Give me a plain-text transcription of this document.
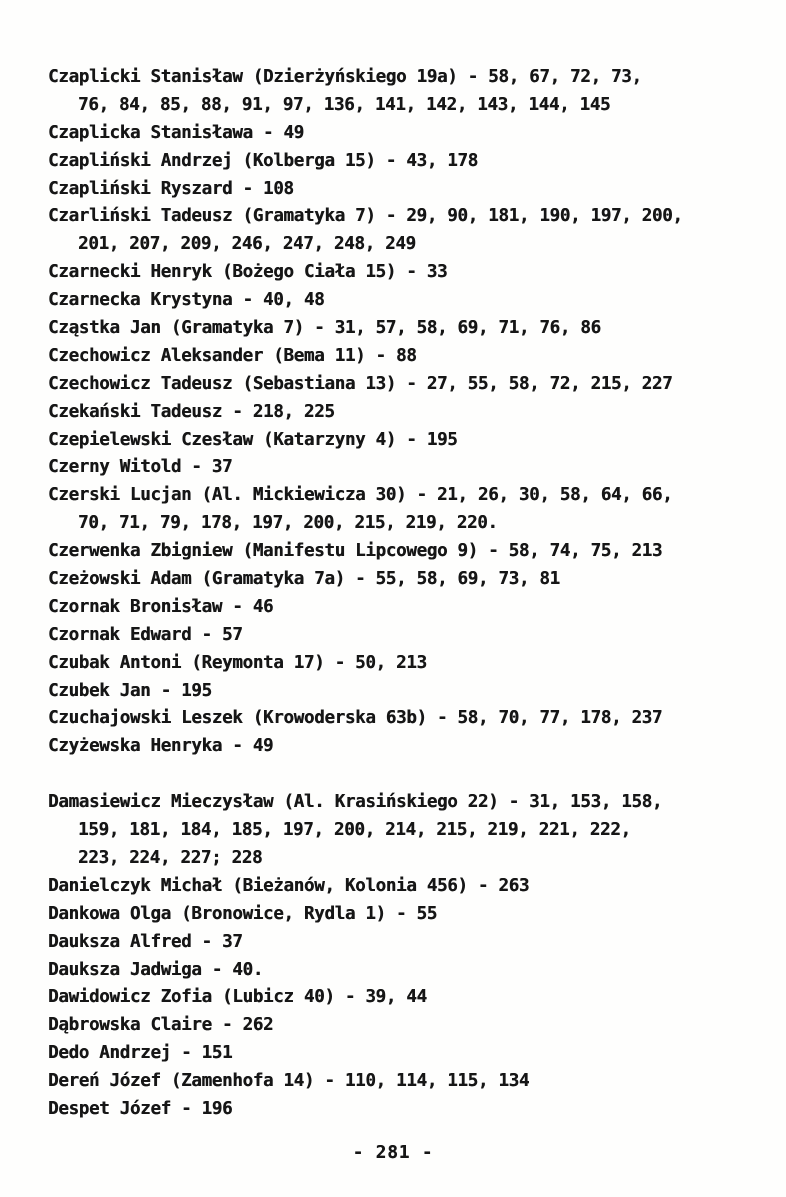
Czaplicki Stanisław (Dzierżyńskiego 19a) - 58, 67, 72, 73,
76, 84, 85, 88, 91, 97, 136, 141, 142, 143, 144, 145
Czaplicka Stanisława - 49
Czapliński Andrzej (Kolberga 15) - 43, 178
Czapliński Ryszard - 108
Czarliński Tadeusz (Gramatyka 7) - 29, 90, 181, 190, 197, 200,
201, 207, 209, 246, 247, 248, 249
Czarnecki Henryk (Bożego Ciała 15) - 33
Czarnecka Krystyna - 40, 48
Cząstka Jan (Gramatyka 7) - 31, 57, 58, 69, 71, 76, 86
Czechowicz Aleksander (Bema 11) - 88
Czechowicz Tadeusz (Sebastiana 13) - 27, 55, 58, 72, 215, 227
Czekański Tadeusz - 218, 225
Czepielewski Czesław (Katarzyny 4) - 195
Czerny Witold - 37
Czerski Lucjan (Al. Mickiewicza 30) - 21, 26, 30, 58, 64, 66,
70, 71, 79, 178, 197, 200, 215, 219, 220.
Czerwenka Zbigniew (Manifestu Lipcowego 9) - 58, 74, 75, 213
Czeżowski Adam (Gramatyka 7a) - 55, 58, 69, 73, 81
Czornak Bronisław - 46
Czornak Edward - 57
Czubak Antoni (Reymonta 17) - 50, 213
Czubek Jan - 195
Czuchajowski Leszek (Krowoderska 63b) - 58, 70, 77, 178, 237
Czyżewska Henryka - 49
Damasiewicz Mieczysław (Al. Krasińskiego 22) - 31, 153, 158,
159, 181, 184, 185, 197, 200, 214, 215, 219, 221, 222,
223, 224, 227; 228
Danielczyk Michał (Bieżanów, Kolonia 456) - 263
Dankowa Olga (Bronowice, Rydla 1) - 55
Dauksza Alfred - 37
Dauksza Jadwiga - 40.
Dawidowicz Zofia (Lubicz 40) - 39, 44
Dąbrowska Claire - 262
Dedo Andrzej - 151
Dereń Józef (Zamenhofa 14) - 110, 114, 115, 134
Despet Józef - 196
- 281 -
